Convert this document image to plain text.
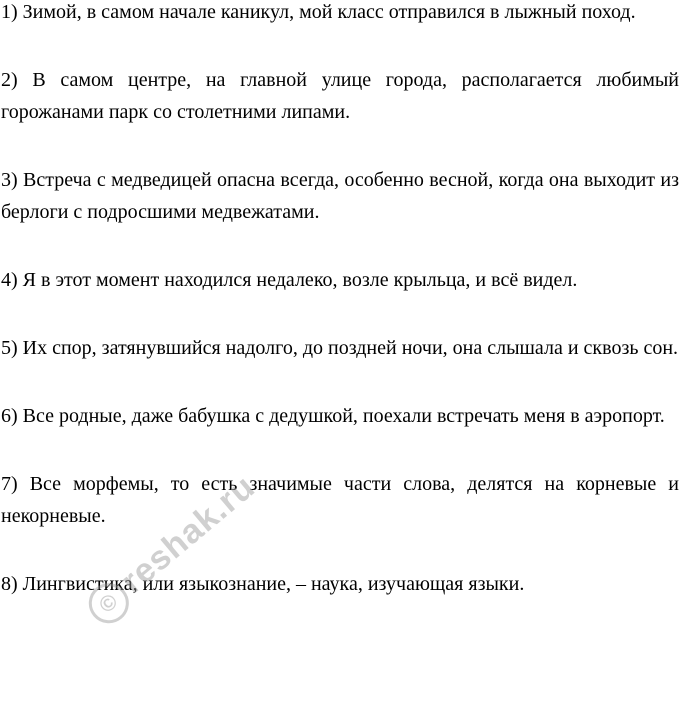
1) Зимой, в самом начале каникул, мой класс отправился в лыжный поход.

2) В самом центре, на главной улице города, располагается любимый горожанами парк со столетними липами.

3) Встреча с медведицей опасна всегда, особенно весной, когда она выходит из берлоги с подросшими медвежатами.

4) Я в этот момент находился недалеко, возле крыльца, и всё видел.

5) Их спор, затянувшийся надолго, до поздней ночи, она слышала и сквозь сон.

6) Все родные, даже бабушка с дедушкой, поехали встречать меня в аэропорт.

7) Все морфемы, то есть значимые части слова, делятся на корневые и некорневые.

8) Лингвистика, или языкознание, – наука, изучающая языки.

©reshak.ru
